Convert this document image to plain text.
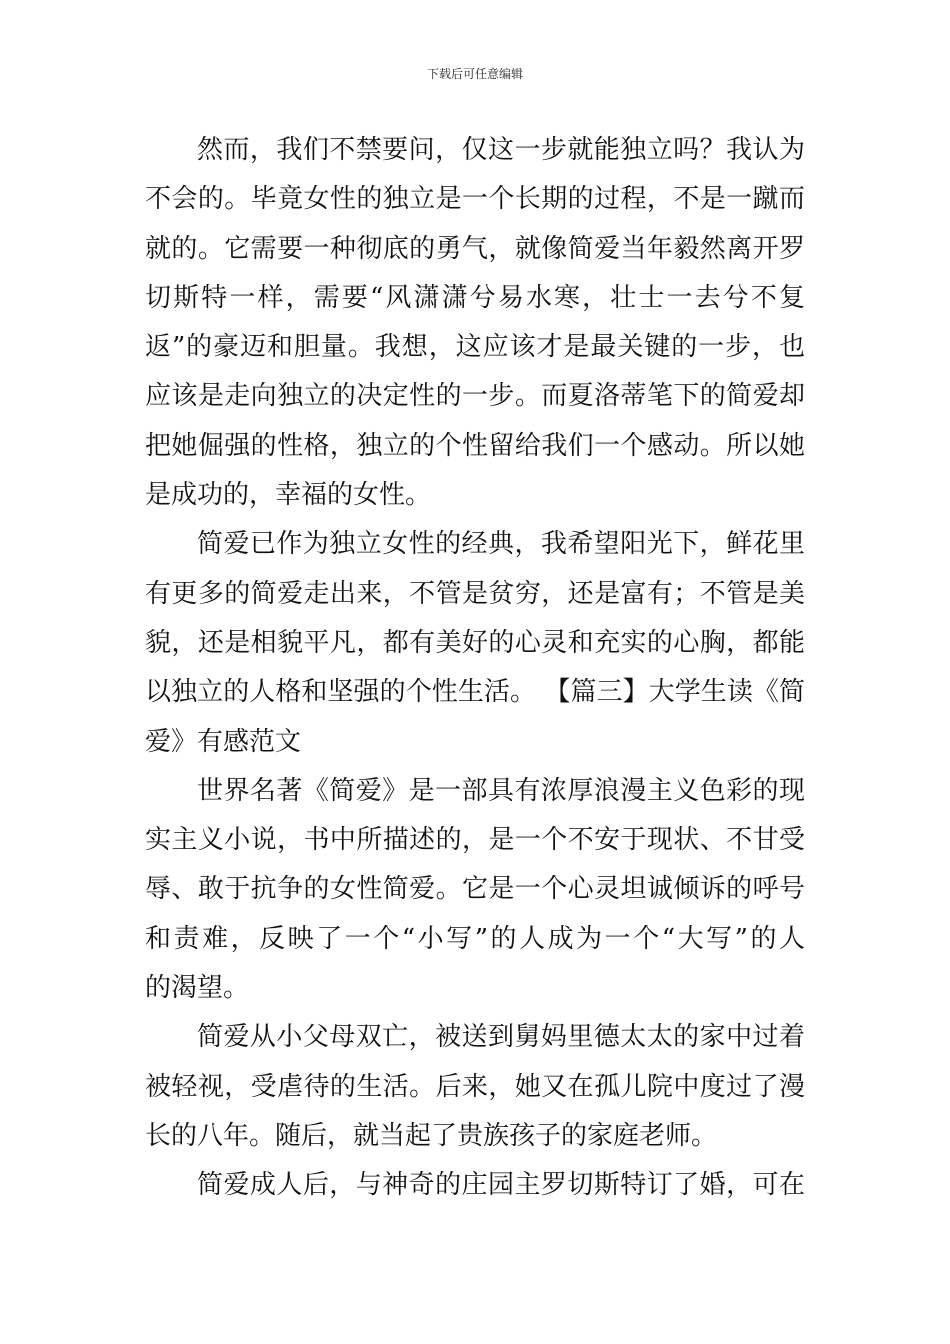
下载后可任意编辑
然而，我们不禁要问，仅这一步就能独立吗？我认为
不会的。毕竟女性的独立是一个长期的过程，不是一蹴而
就的。它需要一种彻底的勇气，就像简爱当年毅然离开罗
切斯特一样，需要“风潇潇兮易水寒，壮士一去兮不复
返”的豪迈和胆量。我想，这应该才是最关键的一步，也
应该是走向独立的决定性的一步。而夏洛蒂笔下的简爱却
把她倔强的性格，独立的个性留给我们一个感动。所以她
是成功的，幸福的女性。
简爱已作为独立女性的经典，我希望阳光下，鲜花里
有更多的简爱走出来，不管是贫穷，还是富有；不管是美
貌，还是相貌平凡，都有美好的心灵和充实的心胸，都能
以独立的人格和坚强的个性生活。 【篇三】大学生读《简
爱》有感范文
世界名著《简爱》是一部具有浓厚浪漫主义色彩的现
实主义小说，书中所描述的，是一个不安于现状、不甘受
辱、敢于抗争的女性简爱。它是一个心灵坦诚倾诉的呼号
和责难，反映了一个“小写”的人成为一个“大写”的人
的渴望。
简爱从小父母双亡，被送到舅妈里德太太的家中过着
被轻视，受虐待的生活。后来，她又在孤儿院中度过了漫
长的八年。随后，就当起了贵族孩子的家庭老师。
简爱成人后，与神奇的庄园主罗切斯特订了婚，可在
